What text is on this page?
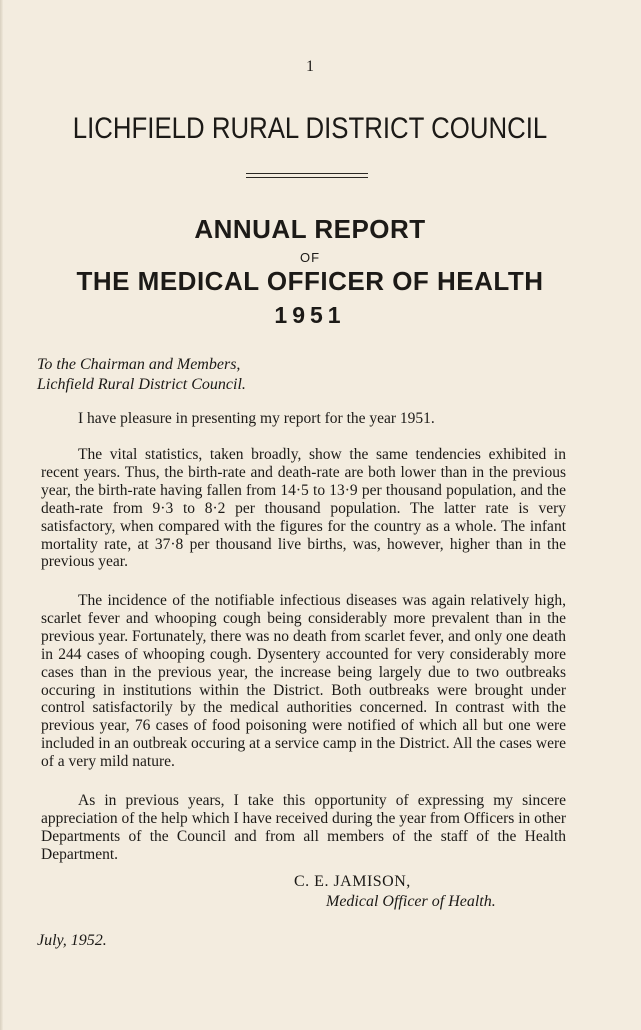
1
LICHFIELD RURAL DISTRICT COUNCIL
ANNUAL REPORT
OF
THE MEDICAL OFFICER OF HEALTH
1951
To the Chairman and Members,
Lichfield Rural District Council.
I have pleasure in presenting my report for the year 1951.
The vital statistics, taken broadly, show the same tendencies exhibited in recent years. Thus, the birth-rate and death-rate are both lower than in the previous year, the birth-rate having fallen from 14·5 to 13·9 per thousand population, and the death-rate from 9·3 to 8·2 per thousand population. The latter rate is very satisfactory, when compared with the figures for the country as a whole. The infant mortality rate, at 37·8 per thousand live births, was, however, higher than in the previous year.
The incidence of the notifiable infectious diseases was again relatively high, scarlet fever and whooping cough being considerably more prevalent than in the previous year. Fortunately, there was no death from scarlet fever, and only one death in 244 cases of whooping cough. Dysentery accounted for very considerably more cases than in the previous year, the increase being largely due to two outbreaks occuring in institutions within the District. Both outbreaks were brought under control satisfactorily by the medical authorities concerned. In contrast with the previous year, 76 cases of food poisoning were notified of which all but one were included in an outbreak occuring at a service camp in the District. All the cases were of a very mild nature.
As in previous years, I take this opportunity of expressing my sincere appreciation of the help which I have received during the year from Officers in other Departments of the Council and from all members of the staff of the Health Department.
C. E. JAMISON,
Medical Officer of Health.
July, 1952.
